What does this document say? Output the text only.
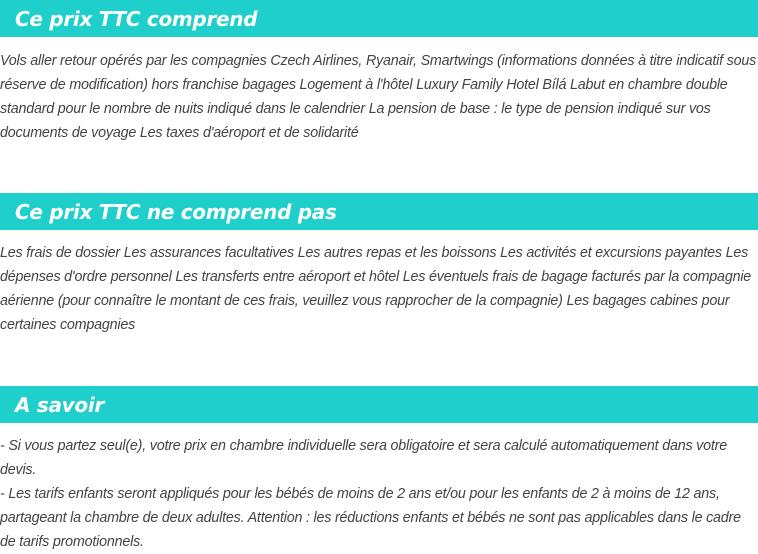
Ce prix TTC comprend

Vols aller retour opérés par les compagnies Czech Airlines, Ryanair, Smartwings (informations données à titre indicatif sous réserve de modification) hors franchise bagages Logement à l'hôtel Luxury Family Hotel Bílá Labut en chambre double standard pour le nombre de nuits indiqué dans le calendrier La pension de base : le type de pension indiqué sur vos documents de voyage Les taxes d'aéroport et de solidarité

Ce prix TTC ne comprend pas

Les frais de dossier Les assurances facultatives Les autres repas et les boissons Les activités et excursions payantes Les dépenses d'ordre personnel Les transferts entre aéroport et hôtel Les éventuels frais de bagage facturés par la compagnie aérienne (pour connaître le montant de ces frais, veuillez vous rapprocher de la compagnie) Les bagages cabines pour certaines compagnies

A savoir

- Si vous partez seul(e), votre prix en chambre individuelle sera obligatoire et sera calculé automatiquement dans votre devis.

- Les tarifs enfants seront appliqués pour les bébés de moins de 2 ans et/ou pour les enfants de 2 à moins de 12 ans, partageant la chambre de deux adultes. Attention : les réductions enfants et bébés ne sont pas applicables dans le cadre de tarifs promotionnels.
